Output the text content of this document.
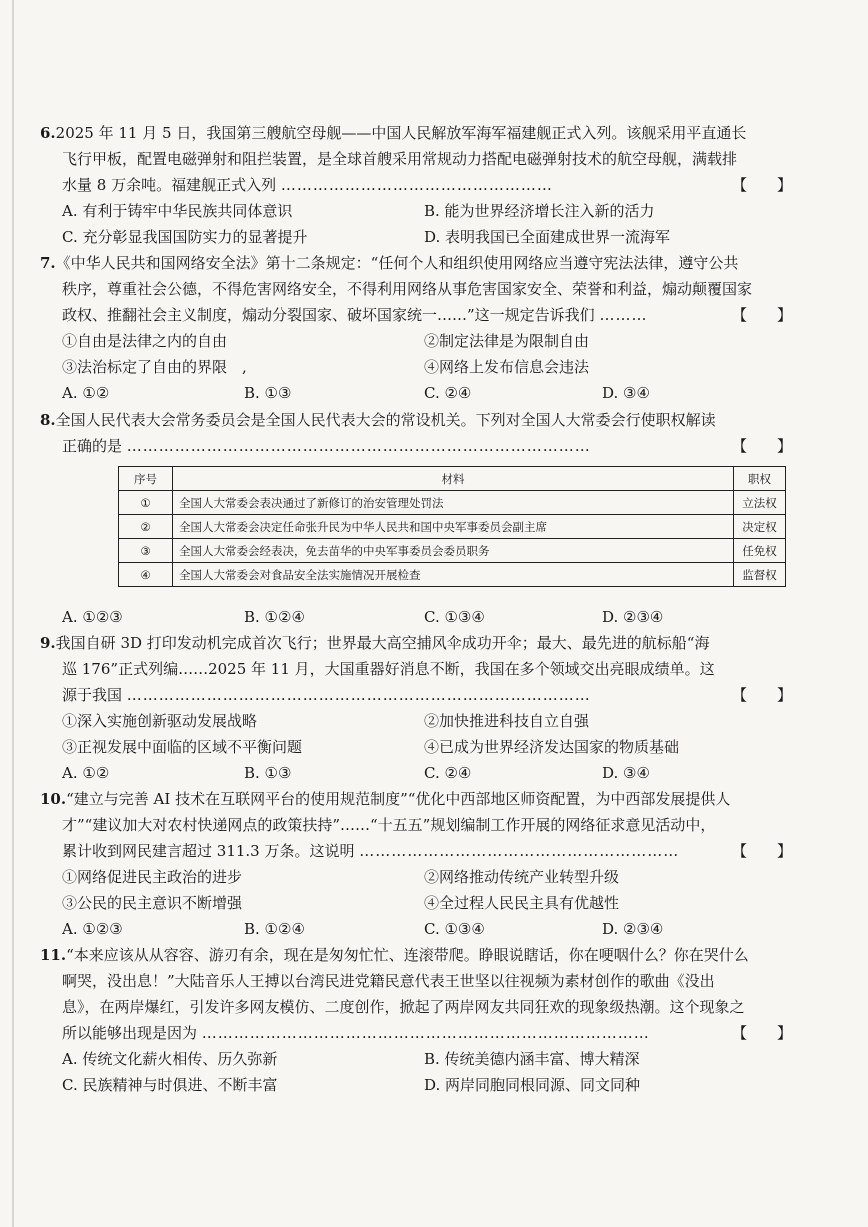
6.2025 年 11 月 5 日，我国第三艘航空母舰——中国人民解放军海军福建舰正式入列。该舰采用平直通长
飞行甲板，配置电磁弹射和阻拦装置，是全球首艘采用常规动力搭配电磁弹射技术的航空母舰，满载排
水量 8 万余吨。福建舰正式入列 ……………………………………………	【　　】
A. 有利于铸牢中华民族共同体意识	B. 能为世界经济增长注入新的活力
C. 充分彰显我国国防实力的显著提升	D. 表明我国已全面建成世界一流海军
7.《中华人民共和国网络安全法》第十二条规定：“任何个人和组织使用网络应当遵守宪法法律，遵守公共
秩序，尊重社会公德，不得危害网络安全，不得利用网络从事危害国家安全、荣誉和利益，煽动颠覆国家
政权、推翻社会主义制度，煽动分裂国家、破坏国家统一……”这一规定告诉我们 ………	【　　】
①自由是法律之内的自由	②制定法律是为限制自由
③法治标定了自由的界限　,	④网络上发布信息会违法
A. ①②	B. ①③	C. ②④	D. ③④
8.全国人民代表大会常务委员会是全国人民代表大会的常设机关。下列对全国人大常委会行使职权解读
正确的是 ……………………………………………………………………………	【　　】
序号	材料	职权
①	全国人大常委会表决通过了新修订的治安管理处罚法	立法权
②	全国人大常委会决定任命张升民为中华人民共和国中央军事委员会副主席	决定权
③	全国人大常委会经表决，免去苗华的中央军事委员会委员职务	任免权
④	全国人大常委会对食品安全法实施情况开展检查	监督权
A. ①②③	B. ①②④	C. ①③④	D. ②③④
9.我国自研 3D 打印发动机完成首次飞行；世界最大高空捕风伞成功开伞；最大、最先进的航标船“海
巡 176”正式列编……2025 年 11 月，大国重器好消息不断，我国在多个领域交出亮眼成绩单。这
源于我国 ……………………………………………………………………………	【　　】
①深入实施创新驱动发展战略	②加快推进科技自立自强
③正视发展中面临的区域不平衡问题	④已成为世界经济发达国家的物质基础
A. ①②	B. ①③	C. ②④	D. ③④
10.“建立与完善 AI 技术在互联网平台的使用规范制度”“优化中西部地区师资配置，为中西部发展提供人
才”“建议加大对农村快递网点的政策扶持”……“十五五”规划编制工作开展的网络征求意见活动中，
累计收到网民建言超过 311.3 万条。这说明 ……………………………………………………	【　　】
①网络促进民主政治的进步	②网络推动传统产业转型升级
③公民的民主意识不断增强	④全过程人民民主具有优越性
A. ①②③	B. ①②④	C. ①③④	D. ②③④
11.“本来应该从从容容、游刃有余，现在是匆匆忙忙、连滚带爬。睁眼说瞎话，你在哽咽什么？你在哭什么
啊哭，没出息！”大陆音乐人王搏以台湾民进党籍民意代表王世坚以往视频为素材创作的歌曲《没出
息》，在两岸爆红，引发许多网友模仿、二度创作，掀起了两岸网友共同狂欢的现象级热潮。这个现象之
所以能够出现是因为 …………………………………………………………………………	【　　】
A. 传统文化薪火相传、历久弥新	B. 传统美德内涵丰富、博大精深
C. 民族精神与时俱进、不断丰富	D. 两岸同胞同根同源、同文同种
